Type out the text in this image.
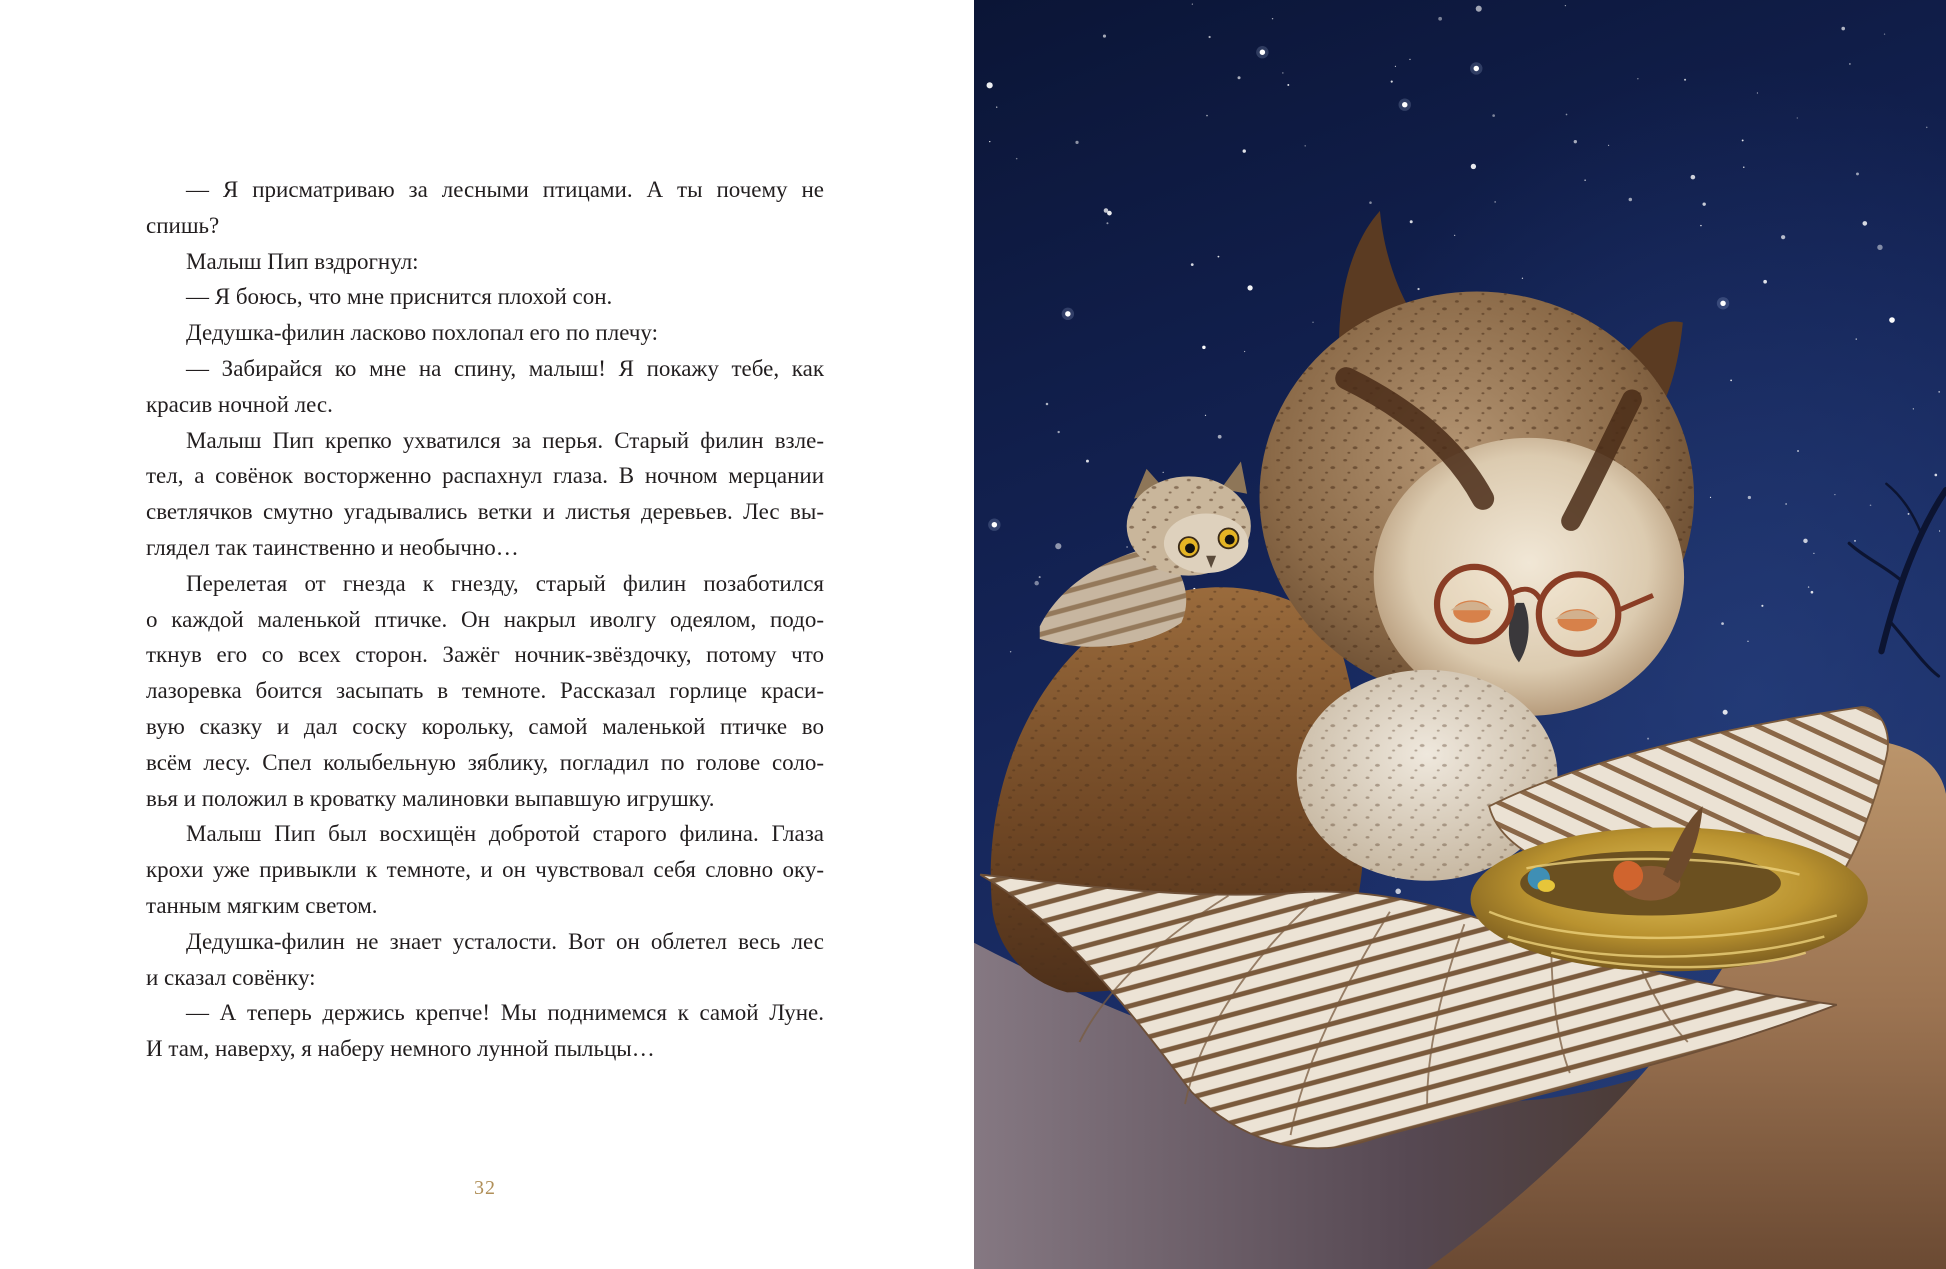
— Я присматриваю за лесными птицами. А ты почему не
спишь?
Малыш Пип вздрогнул:
— Я боюсь, что мне приснится плохой сон.
Дедушка-филин ласково похлопал его по плечу:
— Забирайся ко мне на спину, малыш! Я покажу тебе, как
красив ночной лес.
Малыш Пип крепко ухватился за перья. Старый филин взле-
тел, а совёнок восторженно распахнул глаза. В ночном мерцании
светлячков смутно угадывались ветки и листья деревьев. Лес вы-
глядел так таинственно и необычно…
Перелетая от гнезда к гнезду, старый филин позаботился
о каждой маленькой птичке. Он накрыл иволгу одеялом, подо-
ткнув его со всех сторон. Зажёг ночник-звёздочку, потому что
лазоревка боится засыпать в темноте. Рассказал горлице краси-
вую сказку и дал соску корольку, самой маленькой птичке во
всём лесу. Спел колыбельную зяблику, погладил по голове соло-
вья и положил в кроватку малиновки выпавшую игрушку.
Малыш Пип был восхищён добротой старого филина. Глаза
крохи уже привыкли к темноте, и он чувствовал себя словно оку-
танным мягким светом.
Дедушка-филин не знает усталости. Вот он облетел весь лес
и сказал совёнку:
— А теперь держись крепче! Мы поднимемся к самой Луне.
И там, наверху, я наберу немного лунной пыльцы…
32
